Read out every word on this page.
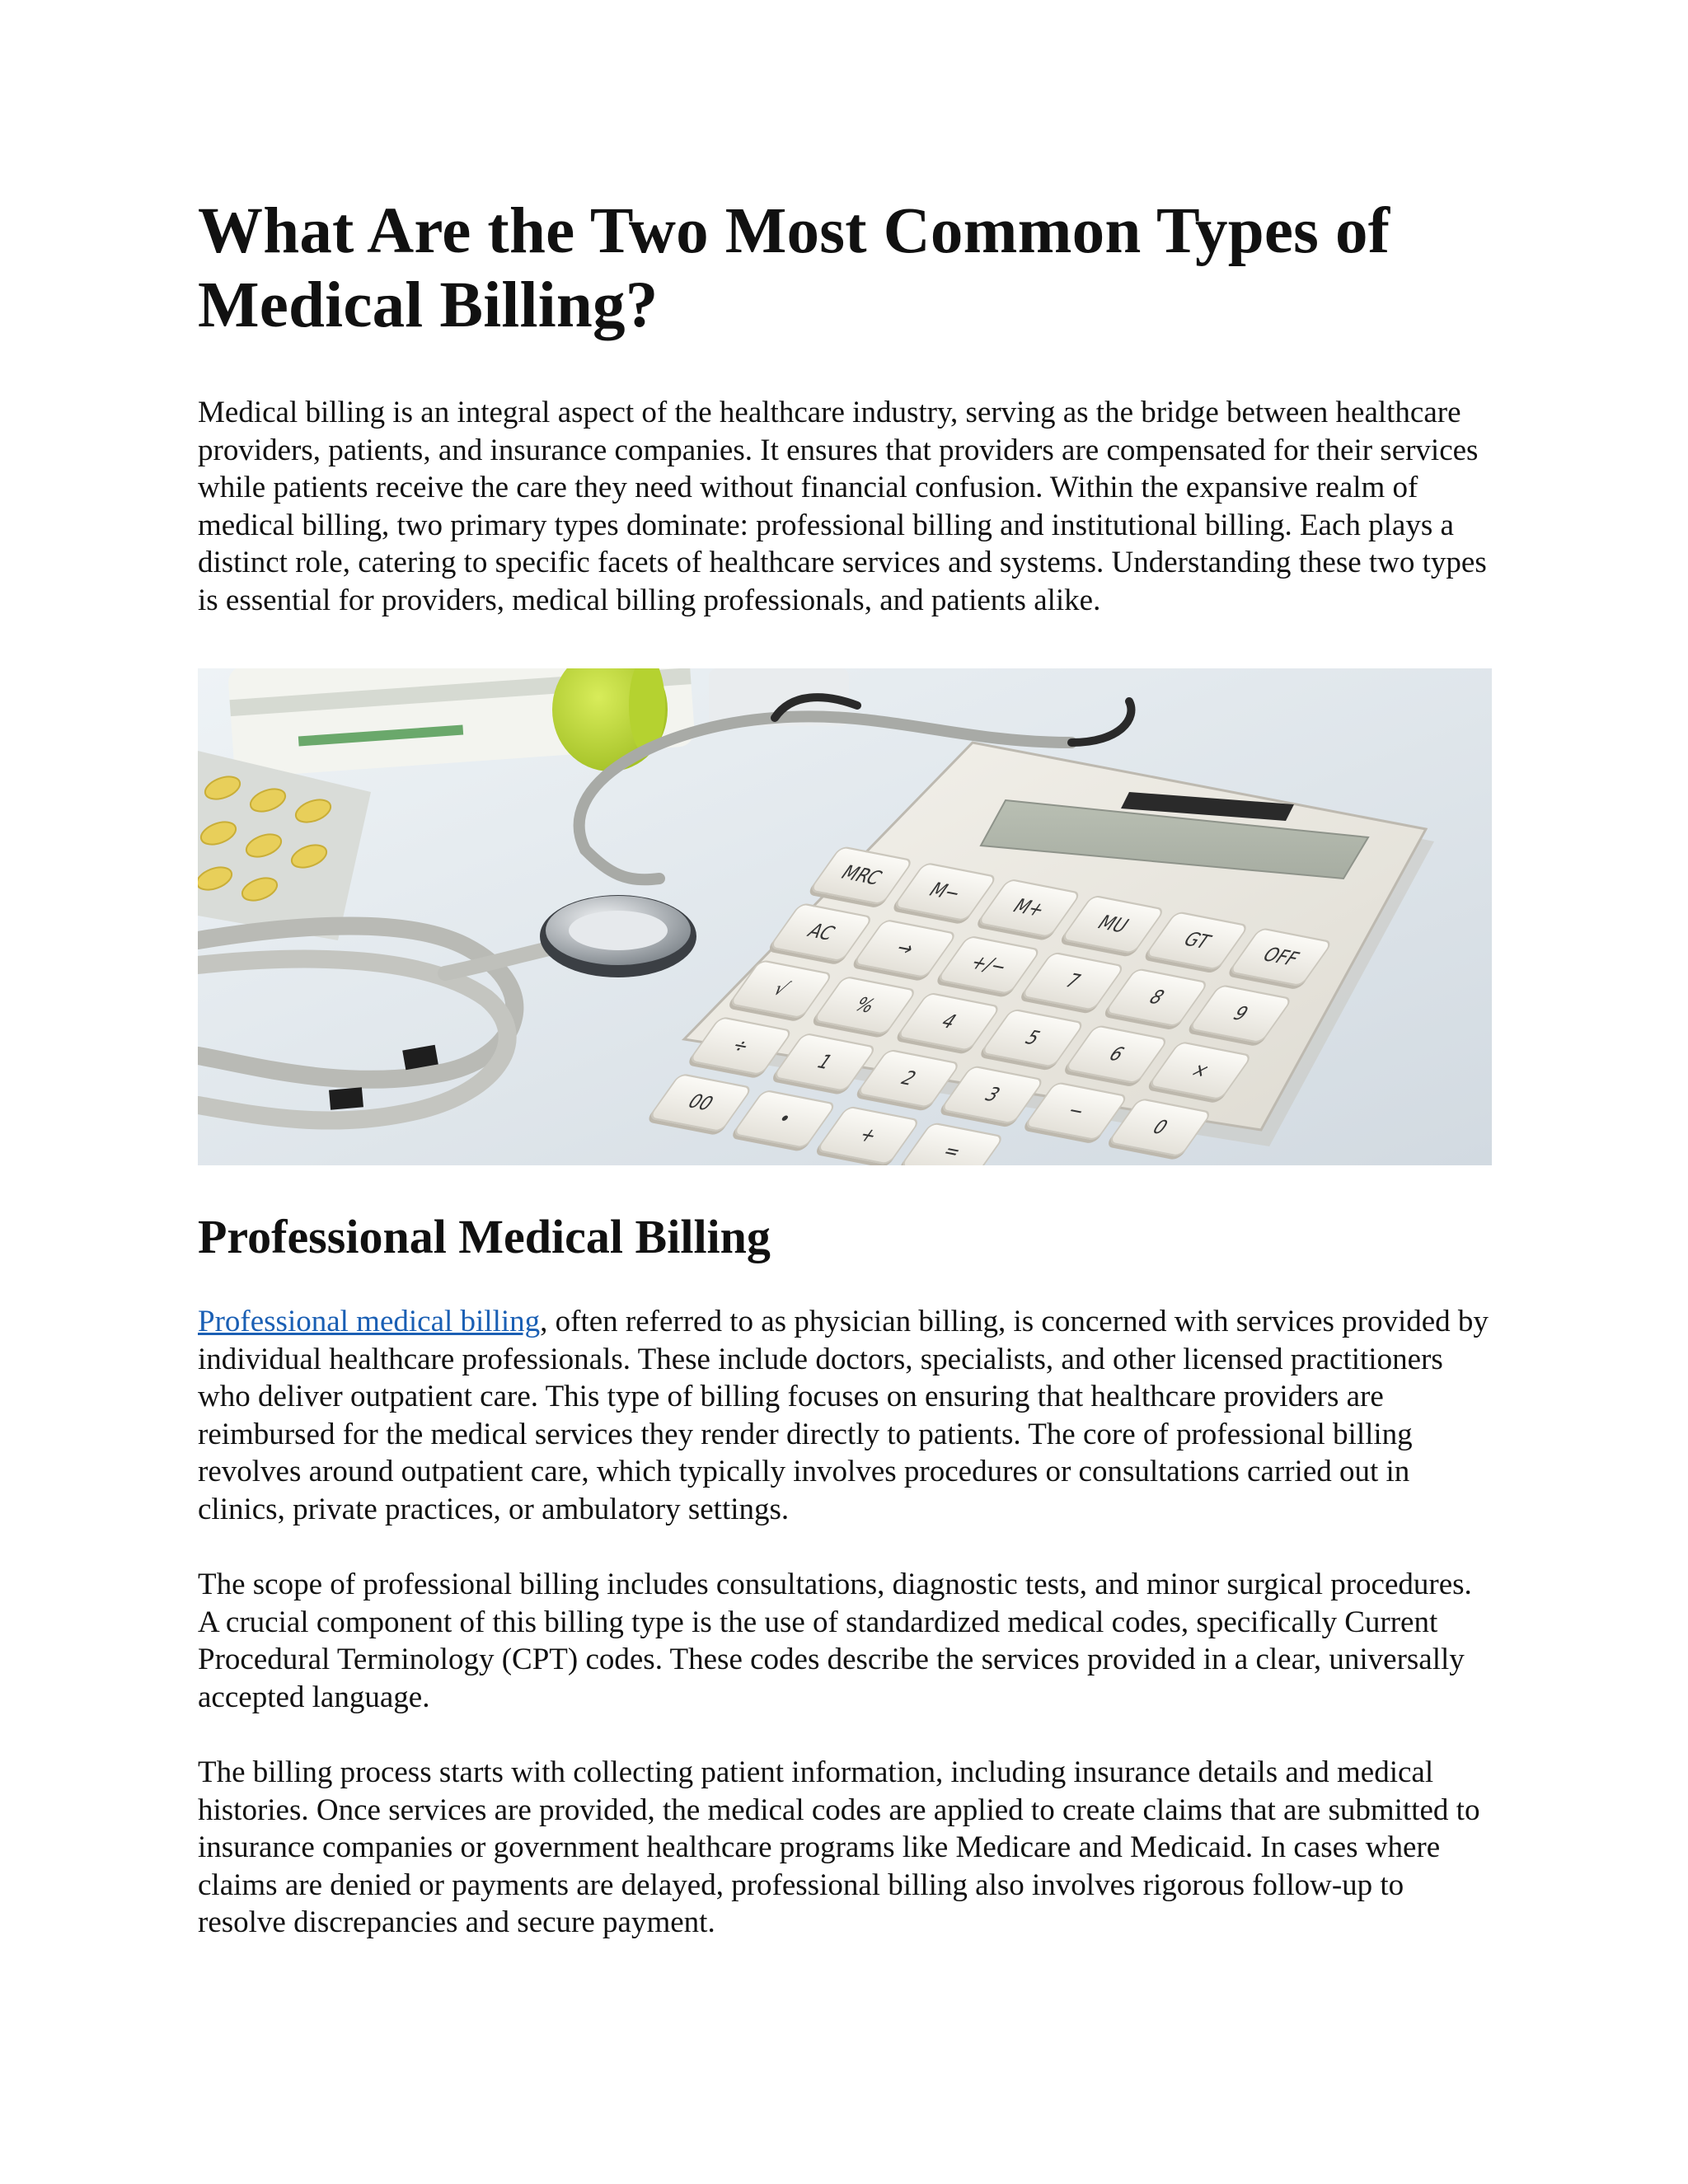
What Are the Two Most Common Types of Medical Billing?

Medical billing is an integral aspect of the healthcare industry, serving as the bridge between healthcare providers, patients, and insurance companies. It ensures that providers are compensated for their services while patients receive the care they need without financial confusion. Within the expansive realm of medical billing, two primary types dominate: professional billing and institutional billing. Each plays a distinct role, catering to specific facets of healthcare services and systems. Understanding these two types is essential for providers, medical billing professionals, and patients alike.

MRC
M−
M+
MU
GT
OFF
AC
→
+/−
7
8
9
√
%
4
5
6
×
÷
1
2
3
−
0
00
•
+
=
Professional Medical Billing

Professional medical billing, often referred to as physician billing, is concerned with services provided by individual healthcare professionals. These include doctors, specialists, and other licensed practitioners who deliver outpatient care. This type of billing focuses on ensuring that healthcare providers are reimbursed for the medical services they render directly to patients. The core of professional billing revolves around outpatient care, which typically involves procedures or consultations carried out in clinics, private practices, or ambulatory settings.

The scope of professional billing includes consultations, diagnostic tests, and minor surgical procedures. A crucial component of this billing type is the use of standardized medical codes, specifically Current Procedural Terminology (CPT) codes. These codes describe the services provided in a clear, universally accepted language.

The billing process starts with collecting patient information, including insurance details and medical histories. Once services are provided, the medical codes are applied to create claims that are submitted to insurance companies or government healthcare programs like Medicare and Medicaid. In cases where claims are denied or payments are delayed, professional billing also involves rigorous follow-up to resolve discrepancies and secure payment.
